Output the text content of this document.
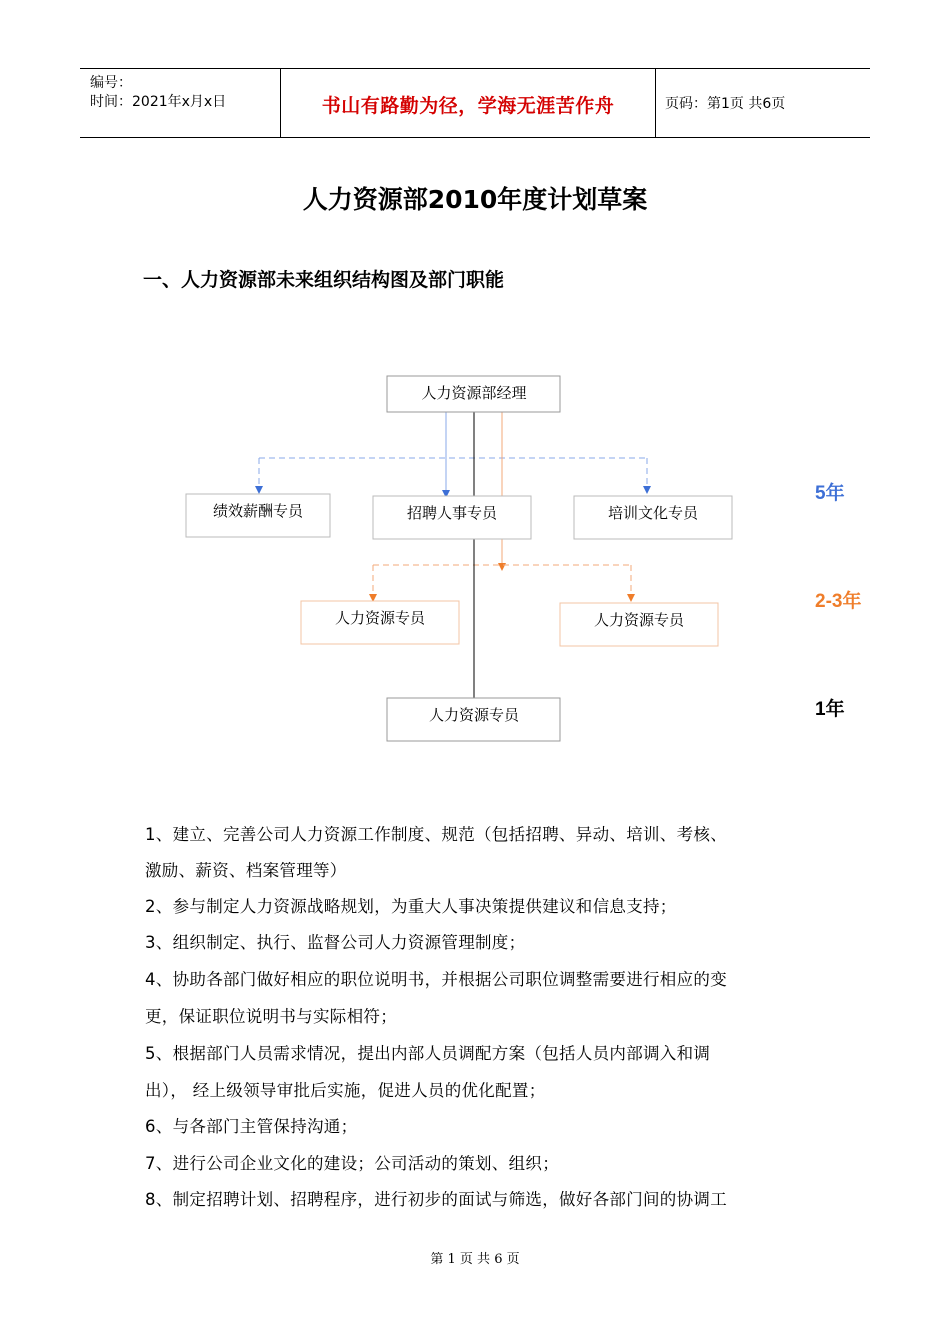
编号：
时间：2021年x月x日	书山有路勤为径，学海无涯苦作舟	页码：第1页 共6页
人力资源部2010年度计划草案
一、人力资源部未来组织结构图及部门职能
人力资源部经理
绩效薪酬专员	招聘人事专员	培训文化专员
人力资源专员	人力资源专员
人力资源专员
5年
2-3年
1年
1、建立、完善公司人力资源工作制度、规范（包括招聘、异动、培训、考核、
激励、薪资、档案管理等）
2、参与制定人力资源战略规划，为重大人事决策提供建议和信息支持；
3、组织制定、执行、监督公司人力资源管理制度；
4、协助各部门做好相应的职位说明书，并根据公司职位调整需要进行相应的变
更，保证职位说明书与实际相符；
5、根据部门人员需求情况，提出内部人员调配方案（包括人员内部调入和调
出）， 经上级领导审批后实施，促进人员的优化配置；
6、与各部门主管保持沟通；
7、进行公司企业文化的建设；公司活动的策划、组织；
8、制定招聘计划、招聘程序，进行初步的面试与筛选，做好各部门间的协调工
第 1 页 共 6 页
